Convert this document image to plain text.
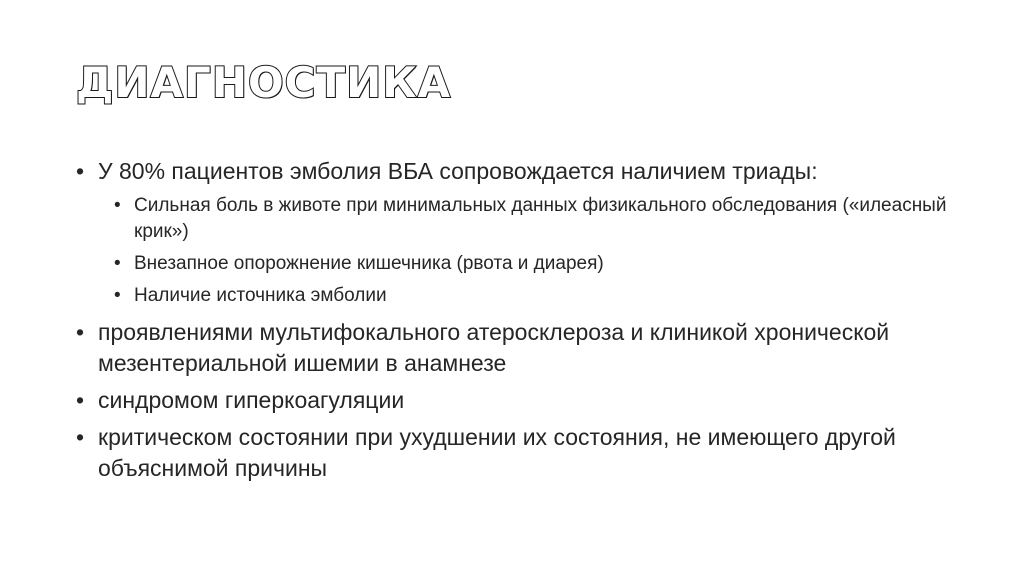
ДИАГНОСТИКА
• У 80% пациентов эмболия ВБА сопровождается наличием триады:
• Сильная боль в животе при минимальных данных физикального обследования («илеасный крик»)
• Внезапное опорожнение кишечника (рвота и диарея)
• Наличие источника эмболии
• проявлениями мультифокального атеросклероза и клиникой хронической мезентериальной ишемии в анамнезе
• синдромом гиперкоагуляции
• критическом состоянии при ухудшении их состояния, не имеющего другой объяснимой причины
